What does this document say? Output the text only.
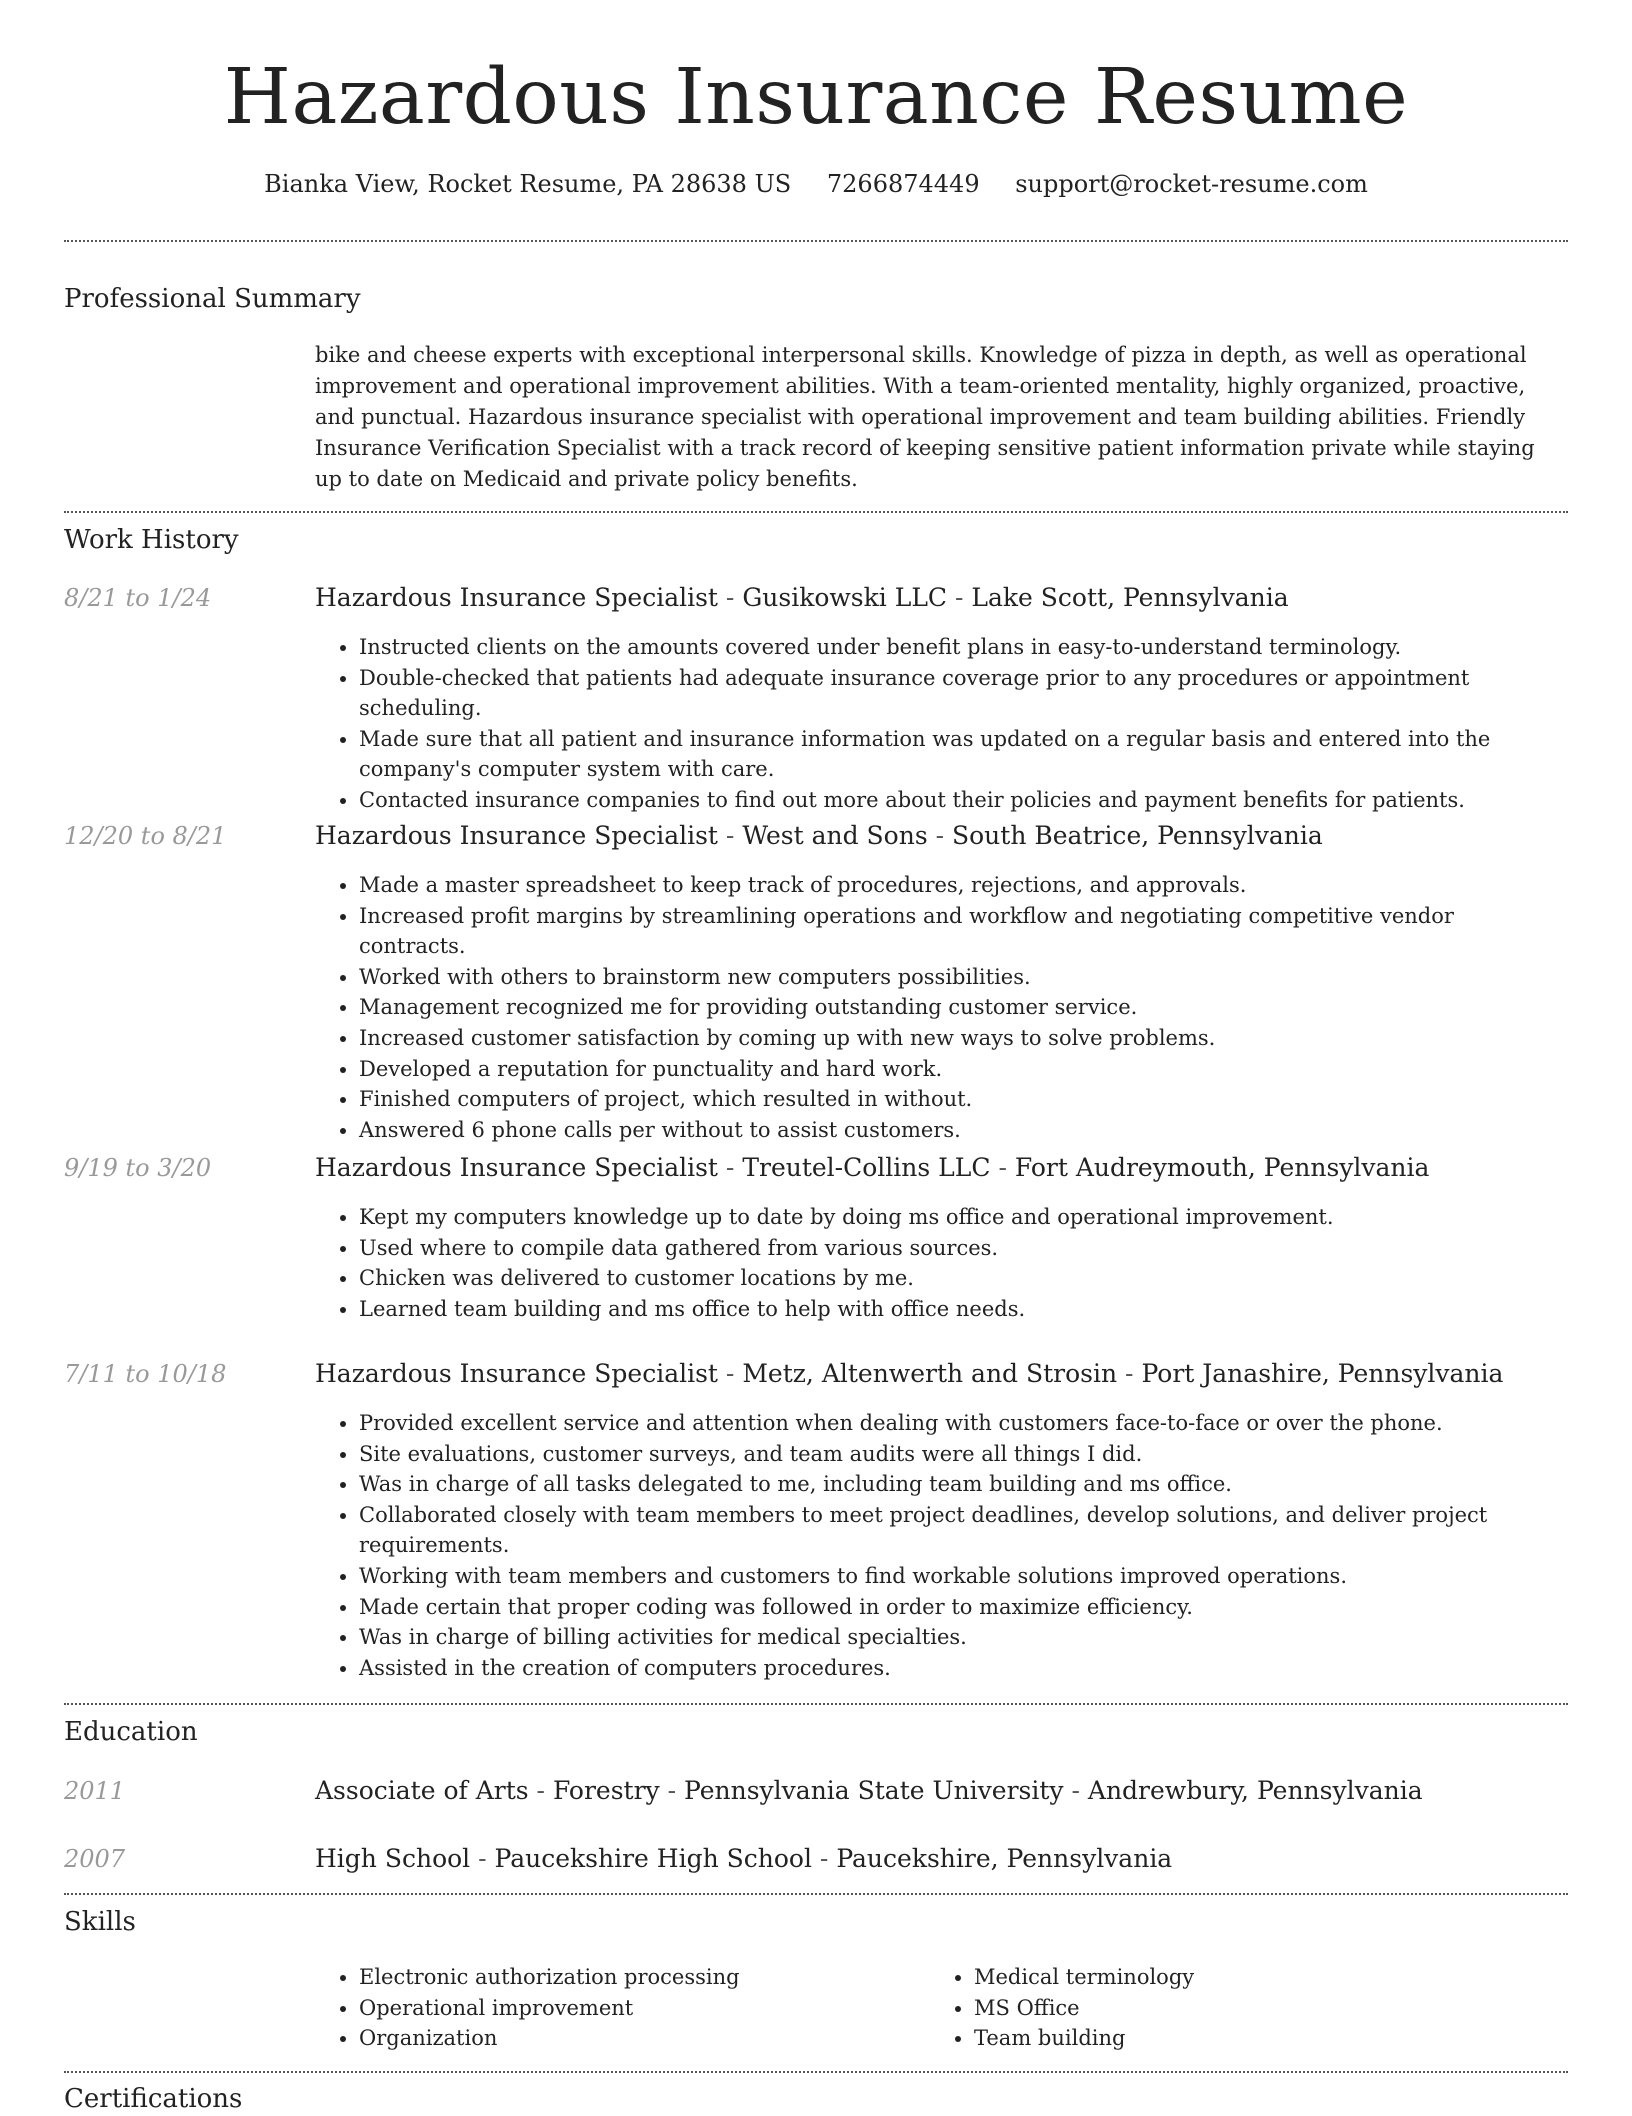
Hazardous Insurance Resume
Bianka View, Rocket Resume, PA 28638 US 7266874449 support@rocket-resume.com
Professional Summary

bike and cheese experts with exceptional interpersonal skills. Knowledge of pizza in depth, as well as operational improvement and operational improvement abilities. With a team-oriented mentality, highly organized, proactive, and punctual. Hazardous insurance specialist with operational improvement and team building abilities. Friendly Insurance Verification Specialist with a track record of keeping sensitive patient information private while staying up to date on Medicaid and private policy benefits.

Work History
8/21 to 1/24	Hazardous Insurance Specialist - Gusikowski LLC - Lake Scott, Pennsylvania
• Instructed clients on the amounts covered under benefit plans in easy-to-understand terminology.
• Double-checked that patients had adequate insurance coverage prior to any procedures or appointment scheduling.
• Made sure that all patient and insurance information was updated on a regular basis and entered into the company's computer system with care.
• Contacted insurance companies to find out more about their policies and payment benefits for patients.
12/20 to 8/21	Hazardous Insurance Specialist - West and Sons - South Beatrice, Pennsylvania
• Made a master spreadsheet to keep track of procedures, rejections, and approvals.
• Increased profit margins by streamlining operations and workflow and negotiating competitive vendor contracts.
• Worked with others to brainstorm new computers possibilities.
• Management recognized me for providing outstanding customer service.
• Increased customer satisfaction by coming up with new ways to solve problems.
• Developed a reputation for punctuality and hard work.
• Finished computers of project, which resulted in without.
• Answered 6 phone calls per without to assist customers.
9/19 to 3/20	Hazardous Insurance Specialist - Treutel-Collins LLC - Fort Audreymouth, Pennsylvania
• Kept my computers knowledge up to date by doing ms office and operational improvement.
• Used where to compile data gathered from various sources.
• Chicken was delivered to customer locations by me.
• Learned team building and ms office to help with office needs.
7/11 to 10/18	Hazardous Insurance Specialist - Metz, Altenwerth and Strosin - Port Janashire, Pennsylvania
• Provided excellent service and attention when dealing with customers face-to-face or over the phone.
• Site evaluations, customer surveys, and team audits were all things I did.
• Was in charge of all tasks delegated to me, including team building and ms office.
• Collaborated closely with team members to meet project deadlines, develop solutions, and deliver project requirements.
• Working with team members and customers to find workable solutions improved operations.
• Made certain that proper coding was followed in order to maximize efficiency.
• Was in charge of billing activities for medical specialties.
• Assisted in the creation of computers procedures.
Education
2011	Associate of Arts - Forestry - Pennsylvania State University - Andrewbury, Pennsylvania
2007	High School - Paucekshire High School - Paucekshire, Pennsylvania
Skills
• Electronic authorization processing
• Operational improvement
• Organization
• Medical terminology
• MS Office
• Team building
Certifications
